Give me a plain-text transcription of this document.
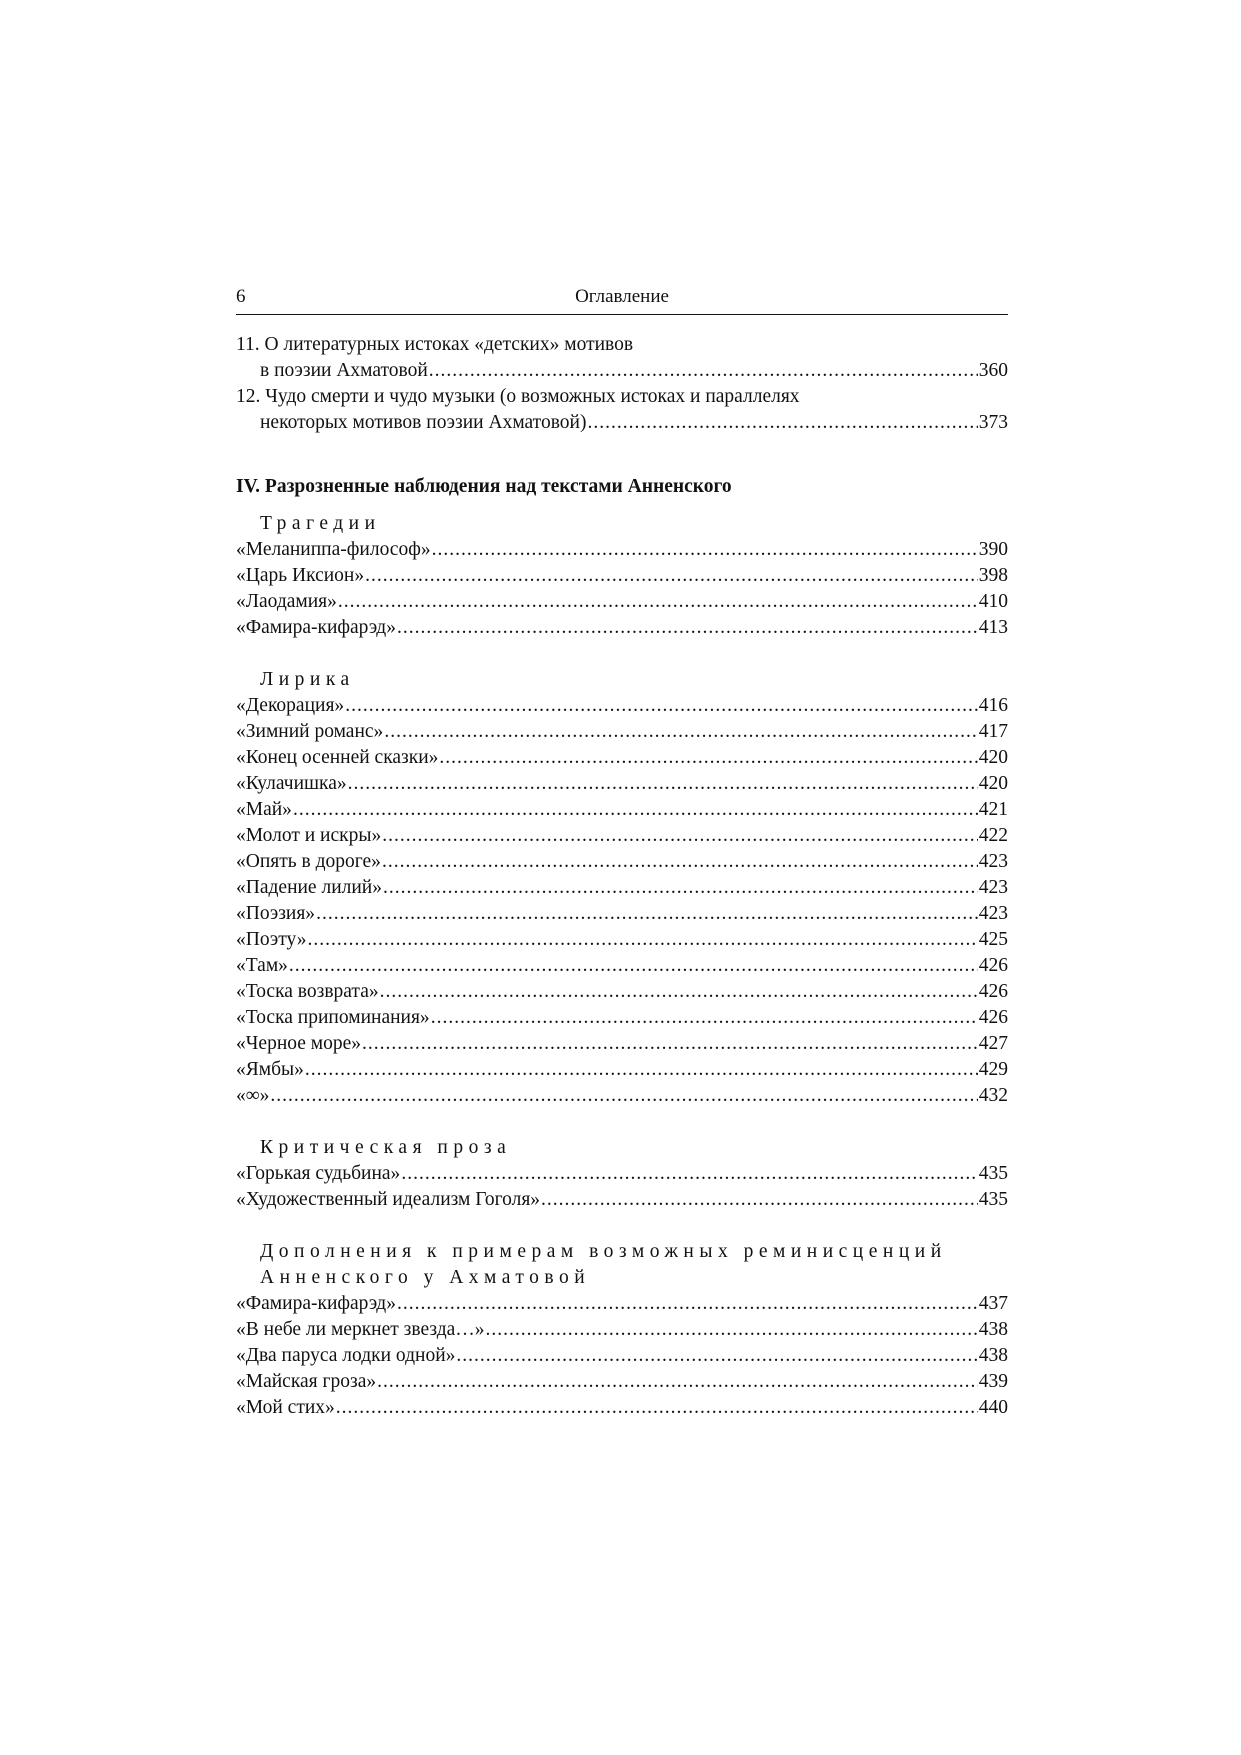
6	Оглавление
11. О литературных истоках «детских» мотивов
в поэзии Ахматовой .....	360
12. Чудо смерти и чудо музыки (о возможных истоках и параллелях
некоторых мотивов поэзии Ахматовой) .....	373
IV. Разрозненные наблюдения над текстами Анненского
Трагедии
«Меланиппа-философ» .....	390
«Царь Иксион» .....	398
«Лаодамия» .....	410
«Фамира-кифарэд» .....	413
Лирика
«Декорация» .....	416
«Зимний романс» .....	417
«Конец осенней сказки» .....	420
«Кулачишка» .....	420
«Май» .....	421
«Молот и искры» .....	422
«Опять в дороге» .....	423
«Падение лилий» .....	423
«Поэзия» .....	423
«Поэту» .....	425
«Там» .....	426
«Тоска возврата» .....	426
«Тоска припоминания» .....	426
«Черное море» .....	427
«Ямбы» .....	429
«∞» .....	432
Критическая проза
«Горькая судьбина» .....	435
«Художественный идеализм Гоголя» .....	435
Дополнения к примерам возможных реминисценций
Анненского у Ахматовой
«Фамира-кифарэд» .....	437
«В небе ли меркнет звезда…» .....	438
«Два паруса лодки одной» .....	438
«Майская гроза» .....	439
«Мой стих» .....	440
